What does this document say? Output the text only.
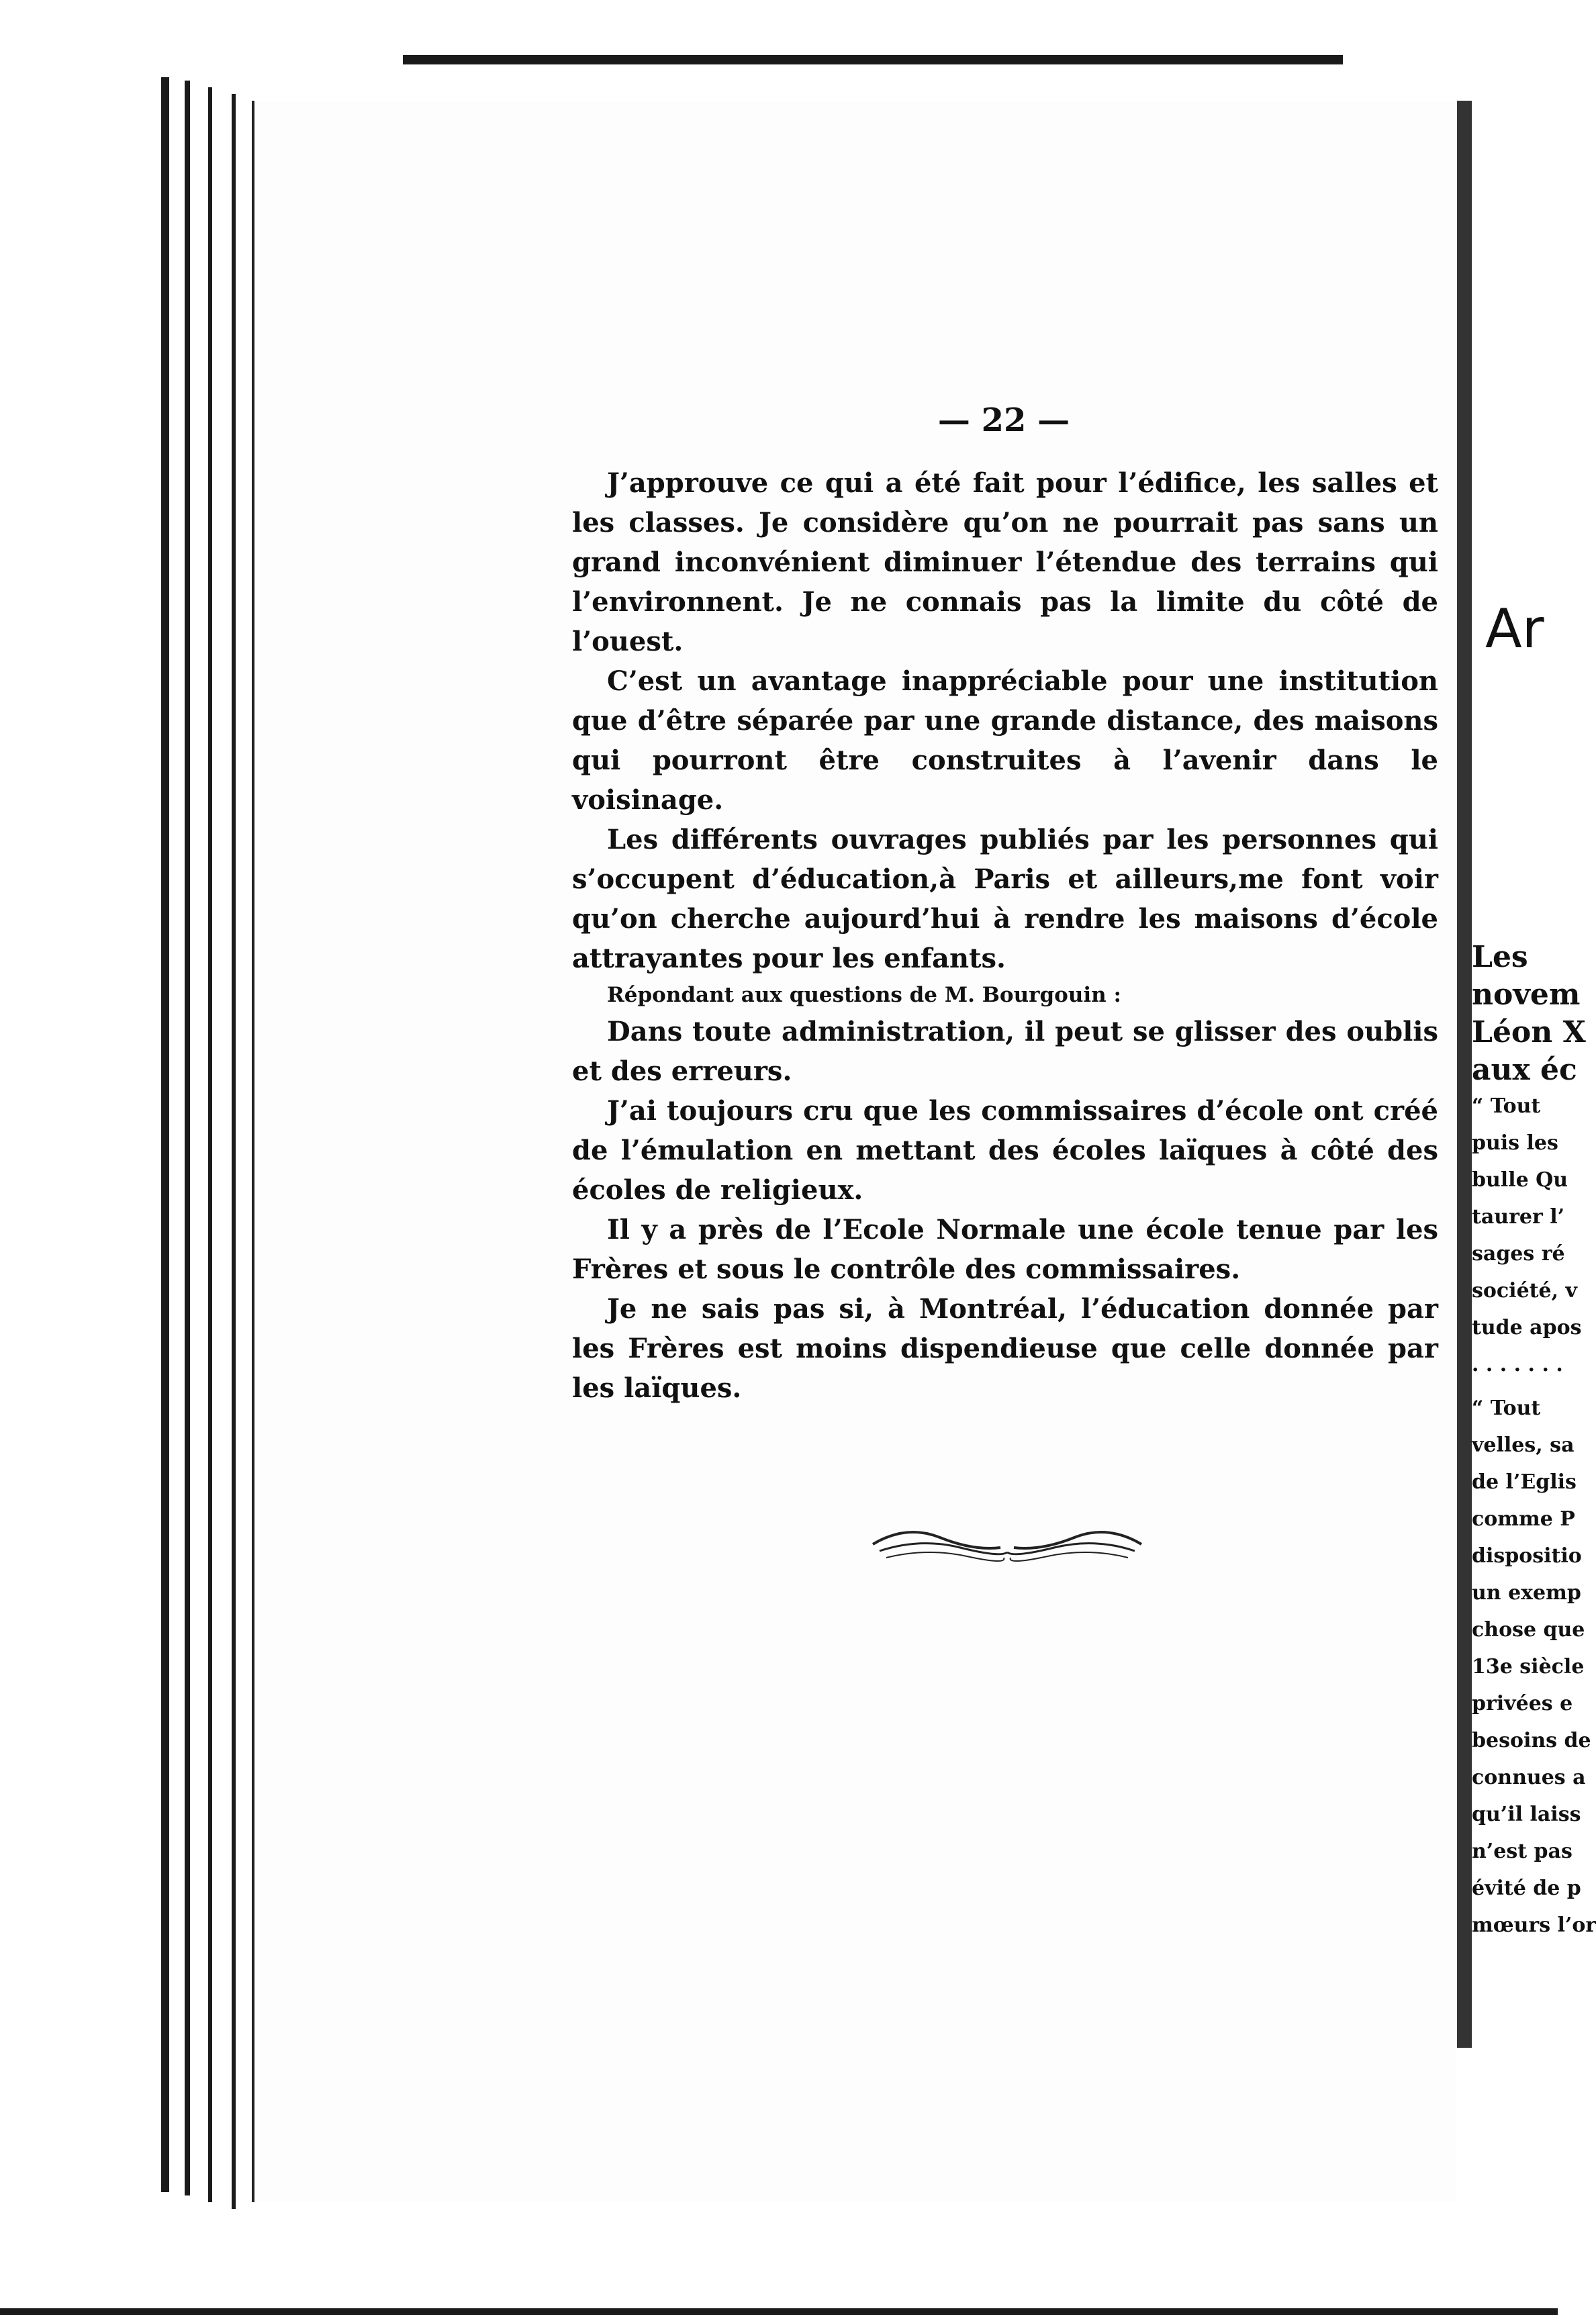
— 22 —

J’approuve ce qui a été fait pour l’édifice, les salles et les classes. Je considère qu’on ne pourrait pas sans un grand inconvénient diminuer l’étendue des terrains qui l’environnent. Je ne connais pas la limite du côté de l’ouest.

C’est un avantage inappréciable pour une institution que d’être séparée par une grande distance, des maisons qui pourront être construites à l’avenir dans le voisinage.

Les différents ouvrages publiés par les personnes qui s’occupent d’éducation,à Paris et ailleurs,me font voir qu’on cherche aujourd’hui à rendre les maisons d’école attrayantes pour les enfants.

Répondant aux questions de M. Bourgouin :

Dans toute administration, il peut se glisser des oublis et des erreurs.

J’ai toujours cru que les commissaires d’école ont créé de l’émulation en mettant des écoles laïques à côté des écoles de religieux.

Il y a près de l’Ecole Normale une école tenue par les Frères et sous le contrôle des commissaires.

Je ne sais pas si, à Montréal, l’éducation donnée par les Frères est moins dispendieuse que celle donnée par les laïques.

Ar
Les
novem
Léon X
aux éc
“ Tout
puis les
bulle Qu
taurer l’
sages ré
société, v
tude apos
. . . . . . .
“ Tout
velles, sa
de l’Eglis
comme P
dispositio
un exemp
chose que
13e siècle
privées e
besoins de
connues a
qu’il laiss
n’est pas
évité de p
mœurs l’or
